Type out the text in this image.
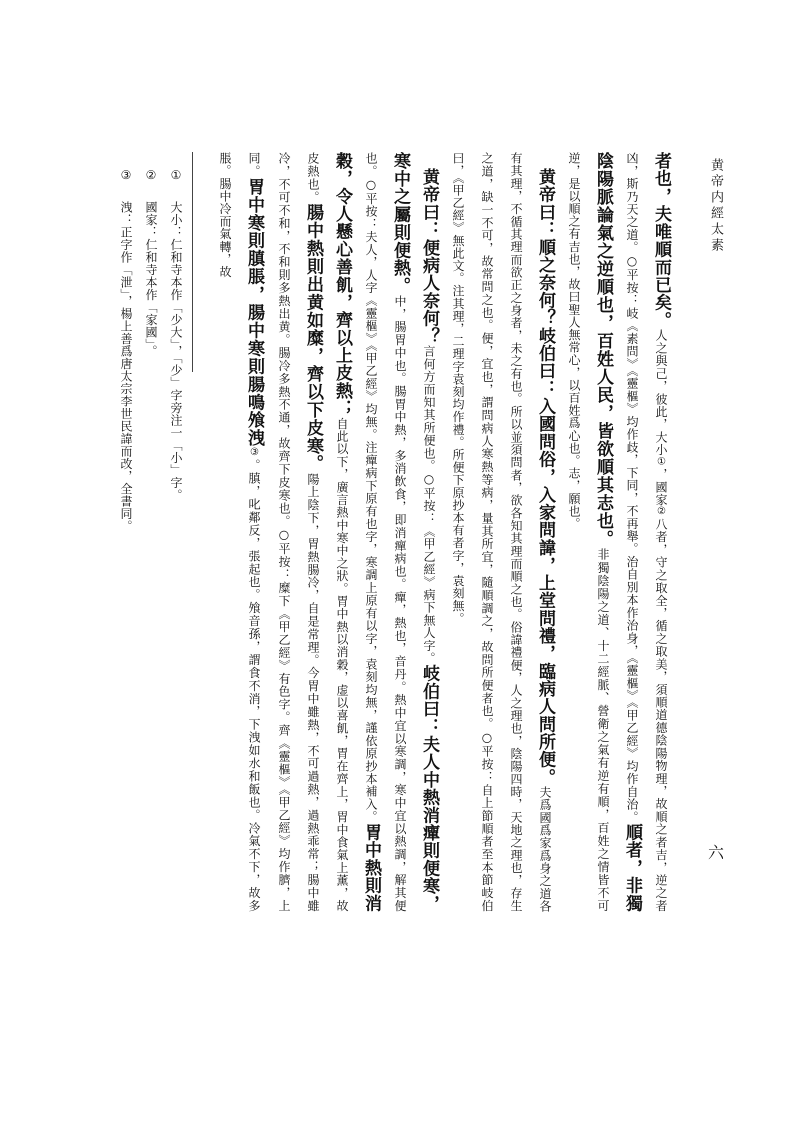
黄帝内經太素

六

者也，夫唯順而已矣。人之與己，彼此，大小①，國家②八者，守之取全，循之取美，須順道德陰陽物理，故順之者吉，逆之者凶，斯乃天之道。○平按：岐《素問》《靈樞》均作歧，下同，不再舉。治自別本作治身，《靈樞》《甲乙經》均作自治。順者，非獨陰陽脈論氣之逆順也，百姓人民，皆欲順其志也。非獨陰陽之道、十二經脈、營衛之氣有逆有順，百姓之情皆不可逆，是以順之有吉也，故曰聖人無常心，以百姓爲心也。志，願也。

黄帝曰：順之奈何？岐伯曰：入國問俗，入家問諱，上堂問禮，臨病人問所便。夫爲國爲家爲身之道各有其理，不循其理而欲正之身者，未之有也。所以並須問者，欲各知其理而順之也。俗諱禮便，人之理也，陰陽四時，天地之理也，存生之道，缺一不可，故常問之也。便，宜也，謂問病人寒熱等病，量其所宜，隨順調之，故問所便者也。○平按：自上節順者至本節岐伯曰，《甲乙經》無此文。注其理，二理字袁刻均作禮。所便下原抄本有者字，袁刻無。

黄帝曰：便病人奈何？言何方而知其所便也。○平按：《甲乙經》病下無人字。岐伯曰：夫人中熱消癉則便寒，寒中之屬則便熱。中，腸胃中也。腸胃中熱，多消飲食，即消癉病也。癉，熱也，音丹。熱中宜以寒調，寒中宜以熱調，解其便也。○平按：夫人，人字《靈樞》《甲乙經》均無。注癉病下原有也字，寒調上原有以字，袁刻均無，謹依原抄本補入。胃中熱則消穀，令人懸心善飢，齊以上皮熱；自此以下，廣言熱中寒中之狀。胃中熱以消穀，虚以喜飢，胃在齊上，胃中食氣上薰，故皮熱也。腸中熱則出黄如糜，齊以下皮寒。陽上陰下，胃熱腸冷，自是常理。今胃中雖熱，不可過熱，過熱乖常；腸中雖冷，不可不和，不和則多熱出黄。腸冷多熱不通，故齊下皮寒也。○平按：糜下《甲乙經》有色字。齊《靈樞》《甲乙經》均作臍，上同。胃中寒則䐜脹，腸中寒則腸鳴飧洩③。䐜，叱鄰反，張起也。飧音孫，謂食不消，下洩如水和飯也。冷氣不下，故多脹。腸中冷而氣轉，故

①　大小：仁和寺本作「少大」，「少」字旁注一「小」字。

②　國家：仁和寺本作「家國」。

③　洩：正字作「泄」，楊上善爲唐太宗李世民諱而改，全書同。
